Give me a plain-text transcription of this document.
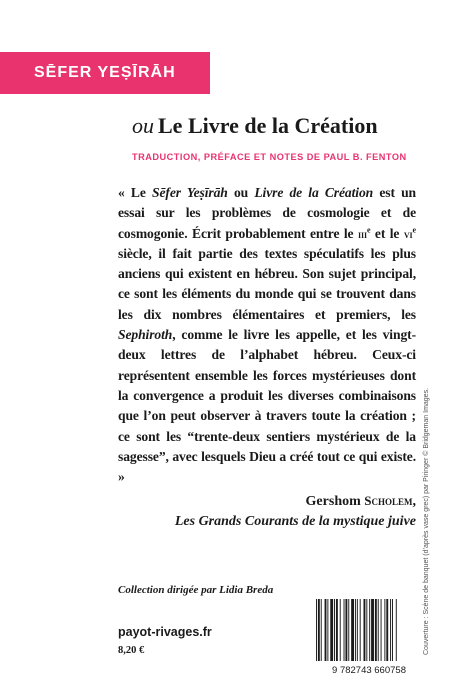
SĒFER YEṢĪRĀH
ou Le Livre de la Création
TRADUCTION, PRÉFACE ET NOTES DE PAUL B. FENTON
« Le Sēfer Yeṣīrāh ou Livre de la Création est un essai sur les problèmes de cosmologie et de cosmogonie. Écrit probablement entre le iii$^e$ et le $vi^e$ siècle, il fait partie des textes spéculatifs les plus anciens qui existent en hébreu. Son sujet principal, ce sont les éléments du monde qui se trouvent dans les dix nombres élémentaires et premiers, les Sephiroth, comme le livre les appelle, et les vingt-deux lettres de l’alphabet hébreu. Ceux-ci représentent ensemble les forces mystérieuses dont la convergence a produit les diverses combinaisons que l’on peut observer à travers toute la création ; ce sont les “trente-deux sentiers mystérieux de la sagesse”, avec lesquels Dieu a créé tout ce qui existe. »
Gershom Scholem,
Les Grands Courants de la mystique juive
Collection dirigée par Lidia Breda
payot-rivages.fr
8,20 €
9 782743 660758
Couverture : Scène de banquet (d’après vase grec) par Piringer © Bridgeman Images.
